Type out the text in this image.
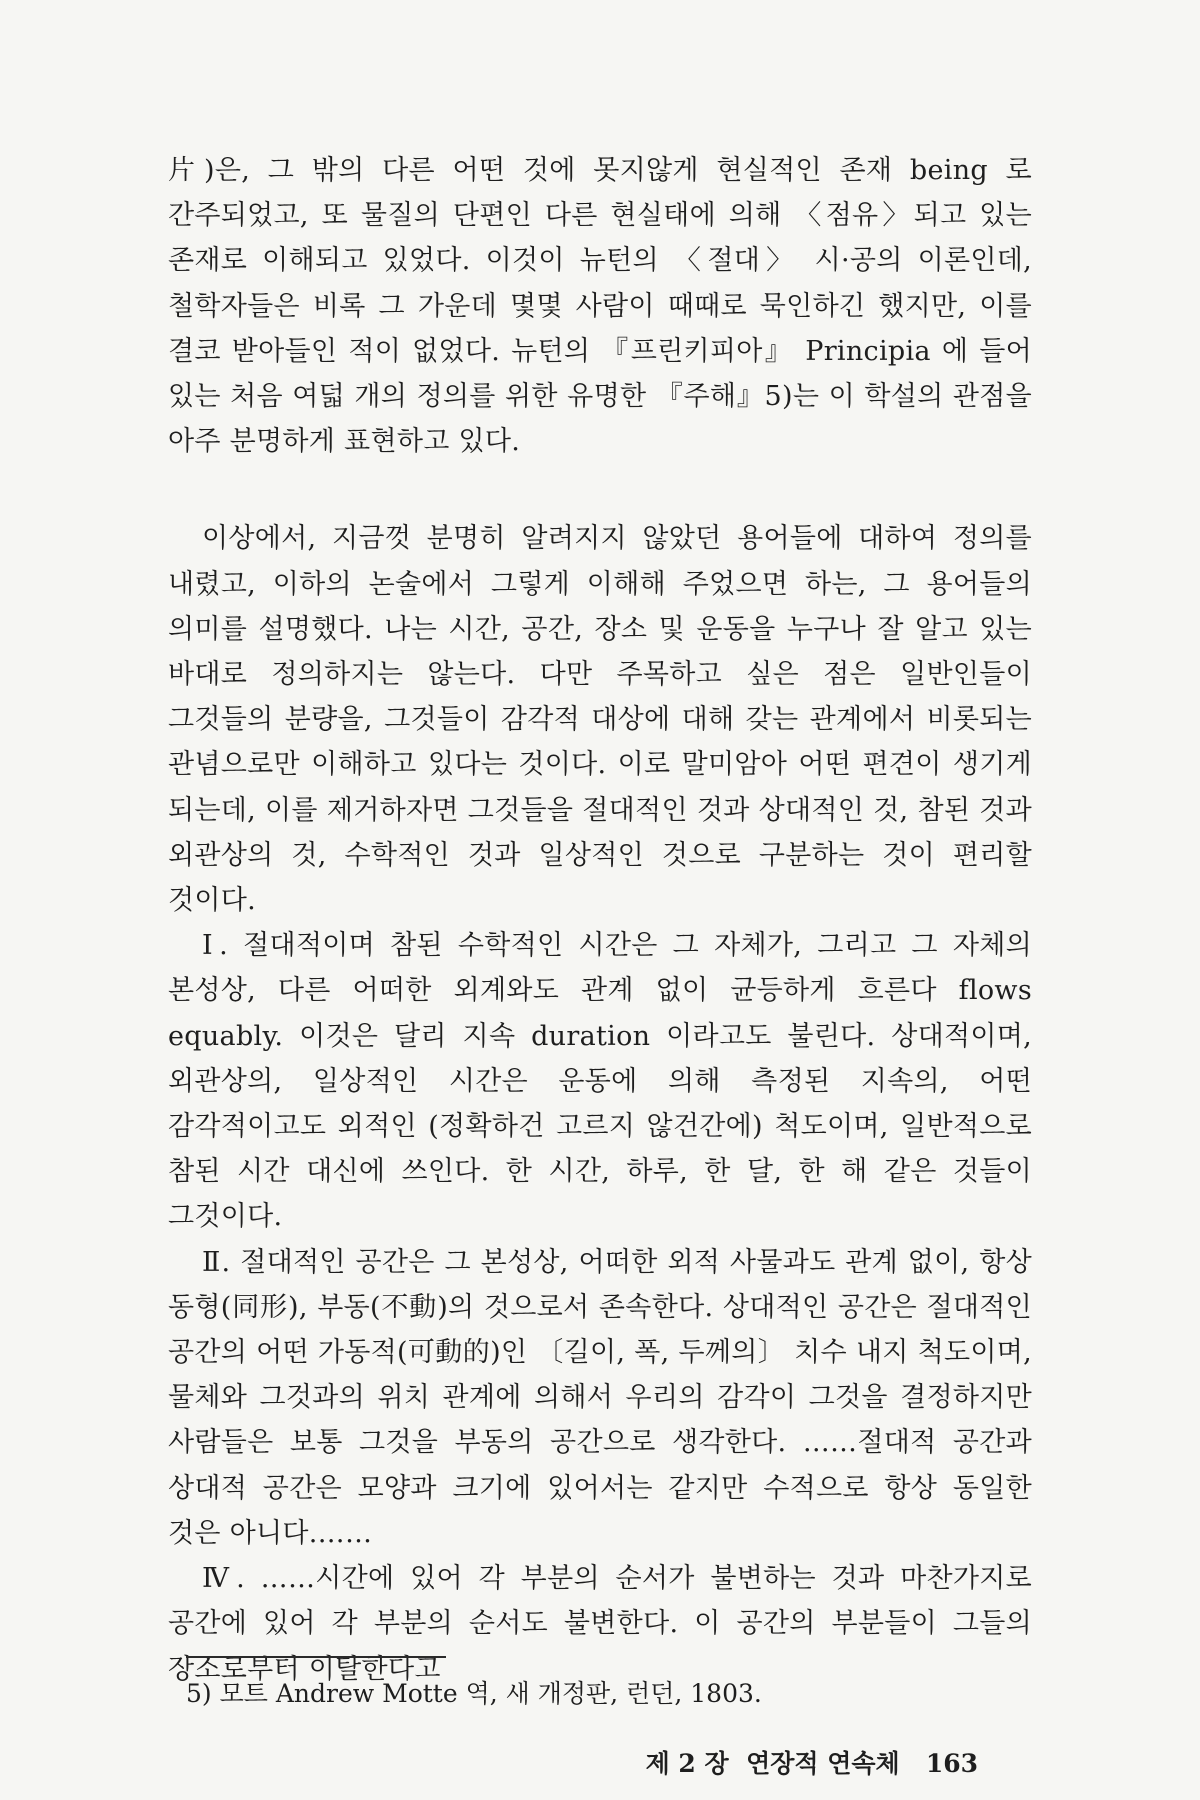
片)은, 그 밖의 다른 어떤 것에 못지않게 현실적인 존재 being 로 간주되었고, 또 물질의 단편인 다른 현실태에 의해 〈점유〉되고 있는 존재로 이해되고 있었다. 이것이 뉴턴의 〈절대〉 시·공의 이론인데, 철학자들은 비록 그 가운데 몇몇 사람이 때때로 묵인하긴 했지만, 이를 결코 받아들인 적이 없었다. 뉴턴의 『프린키피아』 Principia 에 들어 있는 처음 여덟 개의 정의를 위한 유명한 『주해』5)는 이 학설의 관점을 아주 분명하게 표현하고 있다.

이상에서, 지금껏 분명히 알려지지 않았던 용어들에 대하여 정의를 내렸고, 이하의 논술에서 그렇게 이해해 주었으면 하는, 그 용어들의 의미를 설명했다. 나는 시간, 공간, 장소 및 운동을 누구나 잘 알고 있는 바대로 정의하지는 않는다. 다만 주목하고 싶은 점은 일반인들이 그것들의 분량을, 그것들이 감각적 대상에 대해 갖는 관계에서 비롯되는 관념으로만 이해하고 있다는 것이다. 이로 말미암아 어떤 편견이 생기게 되는데, 이를 제거하자면 그것들을 절대적인 것과 상대적인 것, 참된 것과 외관상의 것, 수학적인 것과 일상적인 것으로 구분하는 것이 편리할 것이다.

Ⅰ. 절대적이며 참된 수학적인 시간은 그 자체가, 그리고 그 자체의 본성상, 다른 어떠한 외계와도 관계 없이 균등하게 흐른다 flows equably. 이것은 달리 지속 duration 이라고도 불린다. 상대적이며, 외관상의, 일상적인 시간은 운동에 의해 측정된 지속의, 어떤 감각적이고도 외적인 (정확하건 고르지 않건간에) 척도이며, 일반적으로 참된 시간 대신에 쓰인다. 한 시간, 하루, 한 달, 한 해 같은 것들이 그것이다.

Ⅱ. 절대적인 공간은 그 본성상, 어떠한 외적 사물과도 관계 없이, 항상 동형(同形), 부동(不動)의 것으로서 존속한다. 상대적인 공간은 절대적인 공간의 어떤 가동적(可動的)인 〔길이, 폭, 두께의〕 치수 내지 척도이며, 물체와 그것과의 위치 관계에 의해서 우리의 감각이 그것을 결정하지만 사람들은 보통 그것을 부동의 공간으로 생각한다. ……절대적 공간과 상대적 공간은 모양과 크기에 있어서는 같지만 수적으로 항상 동일한 것은 아니다.……

Ⅳ. ……시간에 있어 각 부분의 순서가 불변하는 것과 마찬가지로 공간에 있어 각 부분의 순서도 불변한다. 이 공간의 부분들이 그들의 장소로부터 이탈한다고

5) 모트 Andrew Motte 역, 새 개정판, 런던, 1803.

제 2 장  연장적 연속체 163
